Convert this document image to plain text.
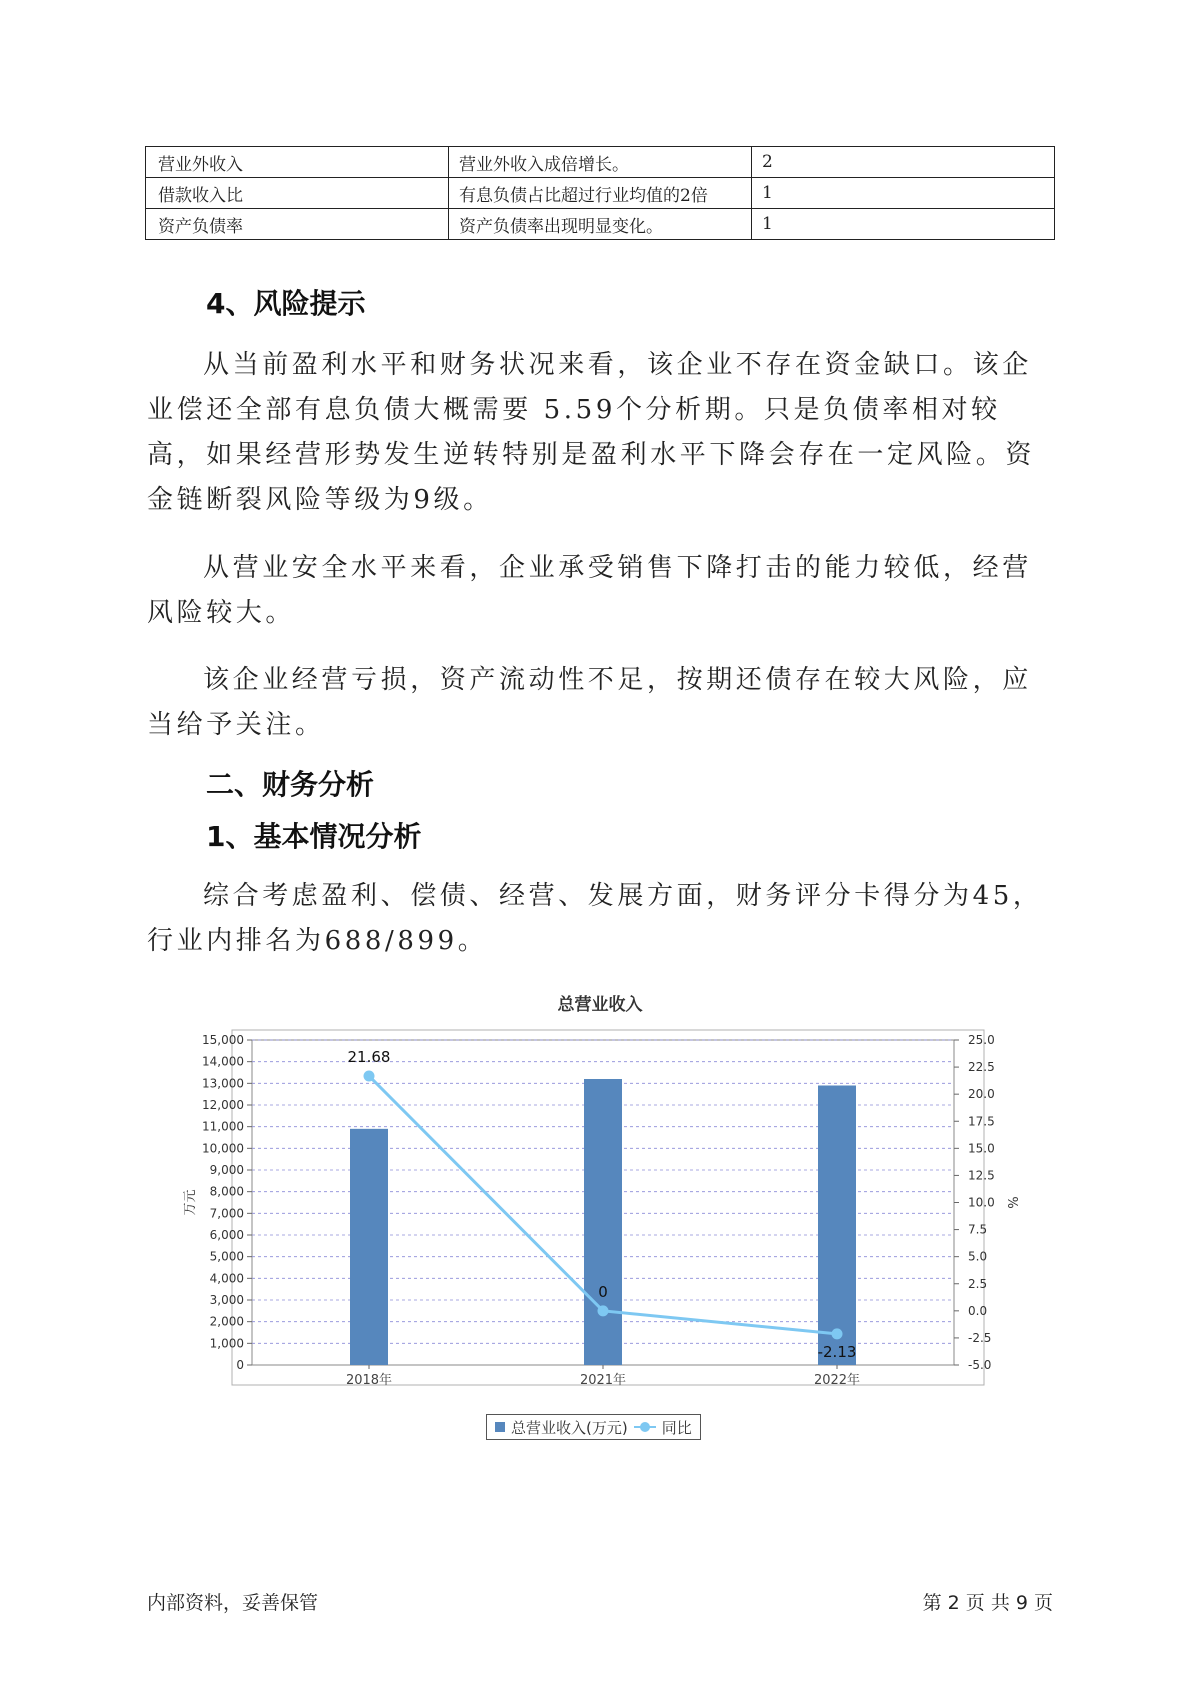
营业外收入	营业外收入成倍增长。	2
借款收入比	有息负债占比超过行业均值的2倍	1
资产负债率	资产负债率出现明显变化。	1
4、风险提示

从当前盈利水平和财务状况来看，该企业不存在资金缺口。该企业偿还全部有息负债大概需要 5.59个分析期。只是负债率相对较高，如果经营形势发生逆转特别是盈利水平下降会存在一定风险。资金链断裂风险等级为9级。

从营业安全水平来看，企业承受销售下降打击的能力较低，经营风险较大。

该企业经营亏损，资产流动性不足，按期还债存在较大风险，应当给予关注。

二、财务分析
1、基本情况分析

综合考虑盈利、偿债、经营、发展方面，财务评分卡得分为45，行业内排名为688/899。

总营业收入
0
1,000
2,000
3,000
4,000
5,000
6,000
7,000
8,000
9,000
10,000
11,000
12,000
13,000
14,000
15,000
-5.0
-2.5
0.0
2.5
5.0
7.5
10.0
12.5
15.0
17.5
20.0
22.5
25.0
万元	%
2018年	2021年	2022年
21.68
0
-2.13
总营业收入(万元) 同比
内部资料，妥善保管	第 2 页 共 9 页
